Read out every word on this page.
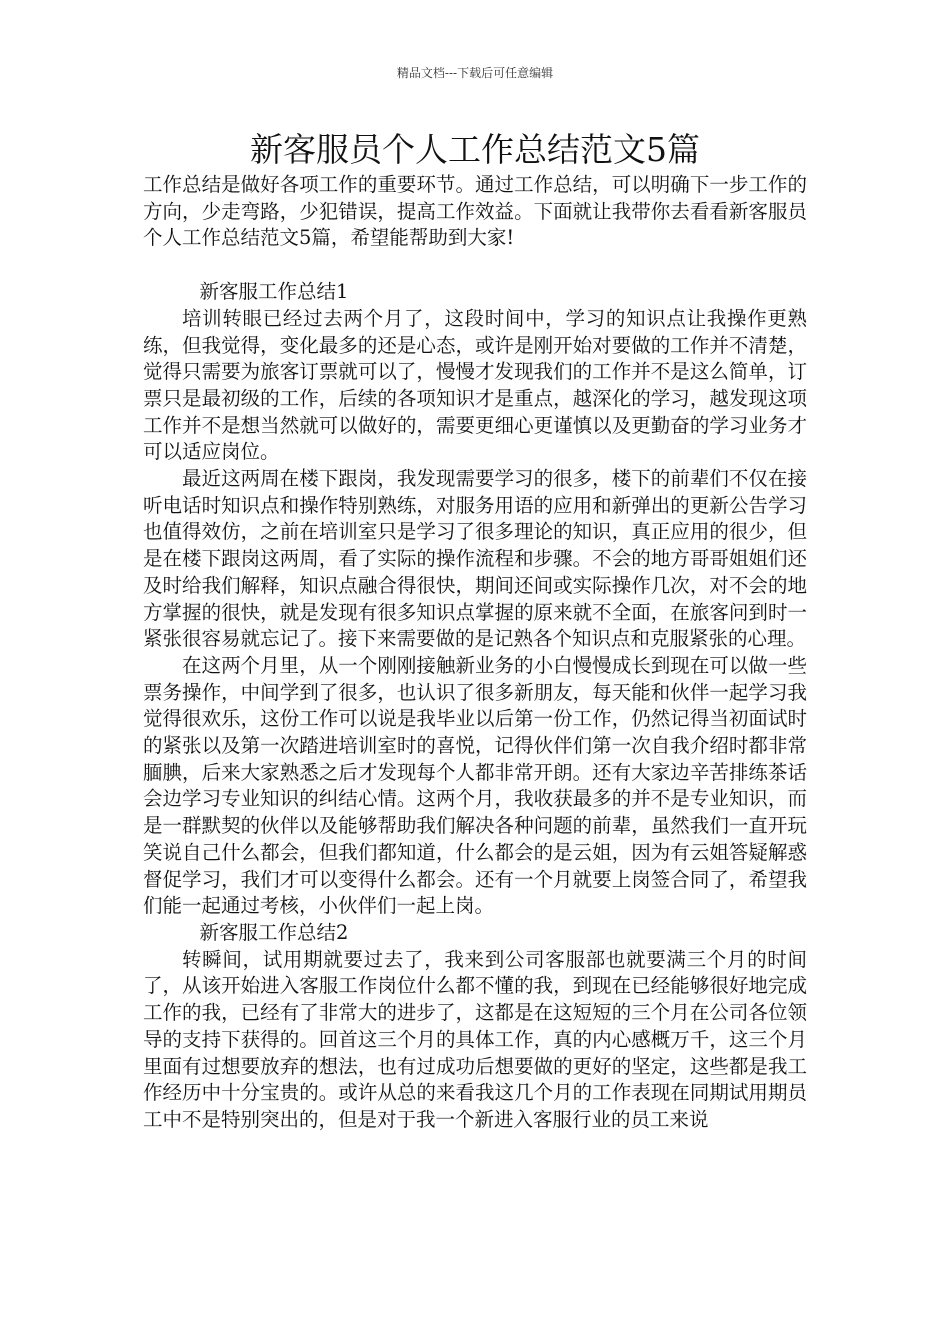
精品文档---下载后可任意编辑
新客服员个人工作总结范文5篇

工作总结是做好各项工作的重要环节。通过工作总结，可以明确下一步工作的方向，少走弯路，少犯错误，提高工作效益。下面就让我带你去看看新客服员个人工作总结范文5篇，希望能帮助到大家!

新客服工作总结1

培训转眼已经过去两个月了，这段时间中，学习的知识点让我操作更熟练，但我觉得，变化最多的还是心态，或许是刚开始对要做的工作并不清楚，觉得只需要为旅客订票就可以了，慢慢才发现我们的工作并不是这么简单，订票只是最初级的工作，后续的各项知识才是重点，越深化的学习，越发现这项工作并不是想当然就可以做好的，需要更细心更谨慎以及更勤奋的学习业务才可以适应岗位。

最近这两周在楼下跟岗，我发现需要学习的很多，楼下的前辈们不仅在接听电话时知识点和操作特别熟练，对服务用语的应用和新弹出的更新公告学习也值得效仿，之前在培训室只是学习了很多理论的知识，真正应用的很少，但是在楼下跟岗这两周，看了实际的操作流程和步骤。不会的地方哥哥姐姐们还及时给我们解释，知识点融合得很快，期间还间或实际操作几次，对不会的地方掌握的很快，就是发现有很多知识点掌握的原来就不全面，在旅客问到时一紧张很容易就忘记了。接下来需要做的是记熟各个知识点和克服紧张的心理。

在这两个月里，从一个刚刚接触新业务的小白慢慢成长到现在可以做一些票务操作，中间学到了很多，也认识了很多新朋友，每天能和伙伴一起学习我觉得很欢乐，这份工作可以说是我毕业以后第一份工作，仍然记得当初面试时的紧张以及第一次踏进培训室时的喜悦，记得伙伴们第一次自我介绍时都非常腼腆，后来大家熟悉之后才发现每个人都非常开朗。还有大家边辛苦排练茶话会边学习专业知识的纠结心情。这两个月，我收获最多的并不是专业知识，而是一群默契的伙伴以及能够帮助我们解决各种问题的前辈，虽然我们一直开玩笑说自己什么都会，但我们都知道，什么都会的是云姐，因为有云姐答疑解惑督促学习，我们才可以变得什么都会。还有一个月就要上岗签合同了，希望我们能一起通过考核，小伙伴们一起上岗。

新客服工作总结2

转瞬间，试用期就要过去了，我来到公司客服部也就要满三个月的时间了，从该开始进入客服工作岗位什么都不懂的我，到现在已经能够很好地完成工作的我，已经有了非常大的进步了，这都是在这短短的三个月在公司各位领导的支持下获得的。回首这三个月的具体工作，真的内心感概万千，这三个月里面有过想要放弃的想法，也有过成功后想要做的更好的坚定，这些都是我工作经历中十分宝贵的。或许从总的来看我这几个月的工作表现在同期试用期员工中不是特别突出的，但是对于我一个新进入客服行业的员工来说
